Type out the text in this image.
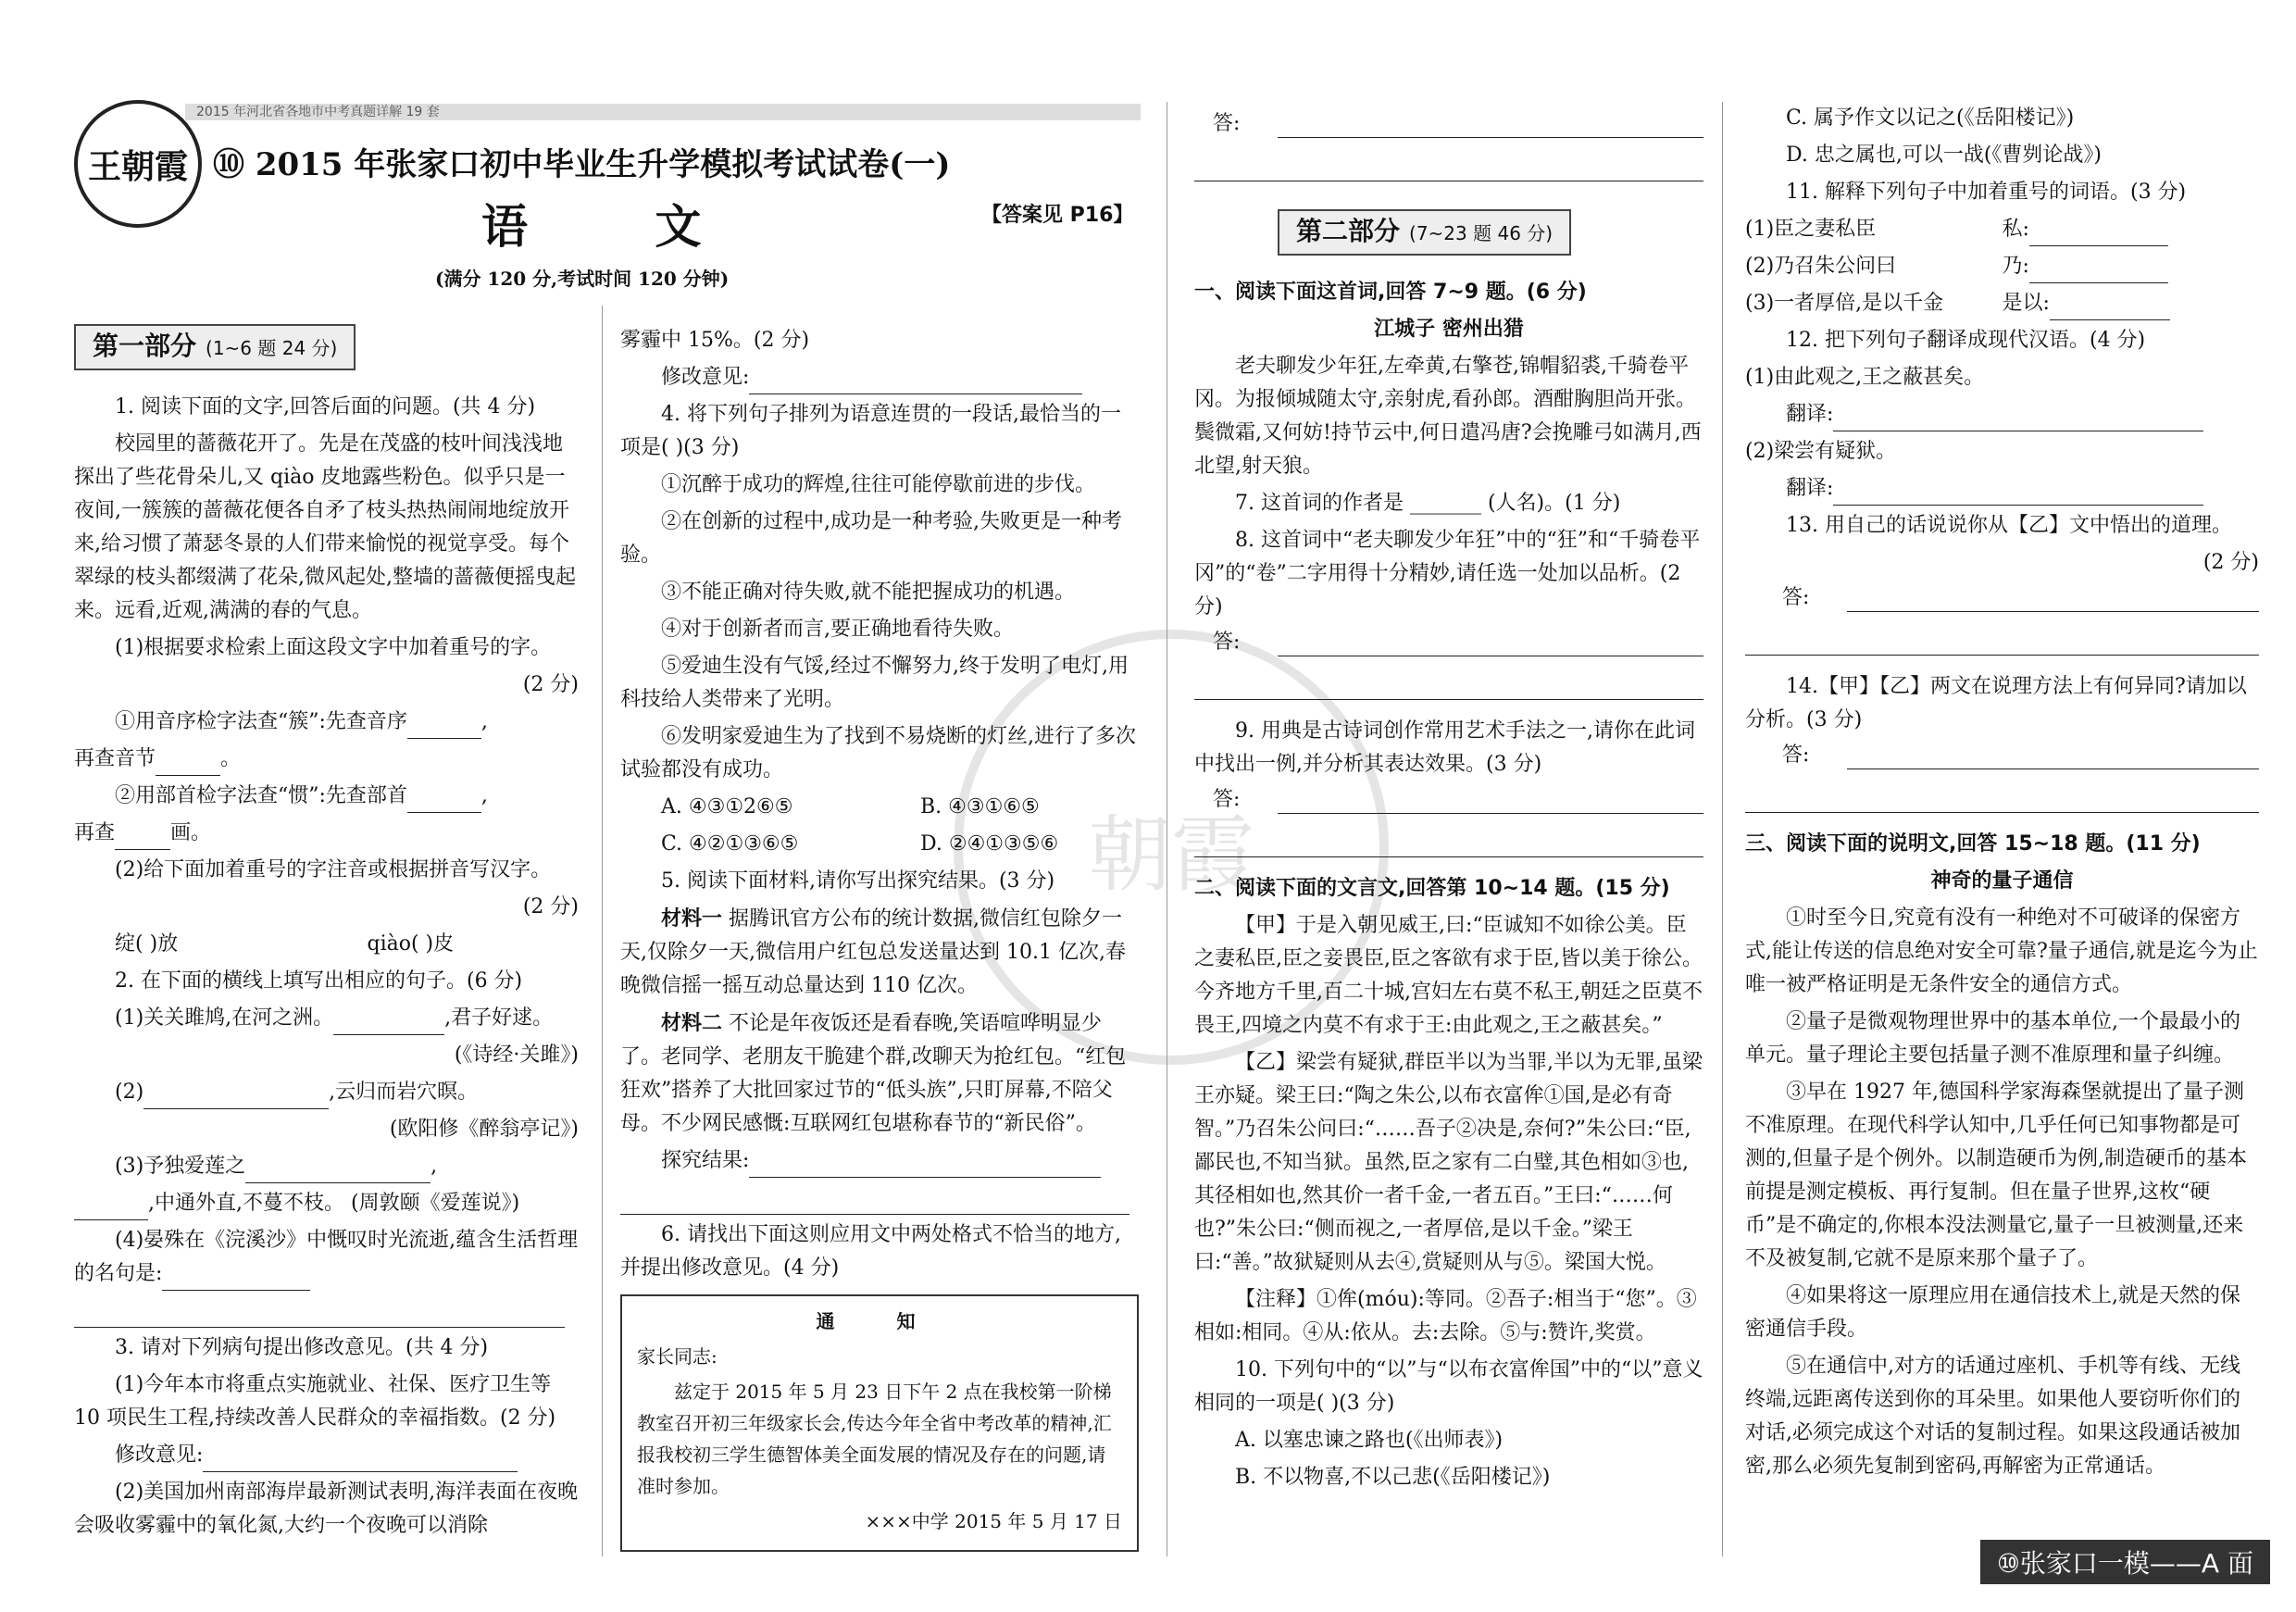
2015 年河北省各地市中考真题详解 19 套
王朝霞 ⑩ 2015 年张家口初中毕业生升学模拟考试试卷(一)
语 文	【答案见 P16】
(满分 120 分,考试时间 120 分钟)
朝霞
第一部分 (1~6 题 24 分)

1. 阅读下面的文字,回答后面的问题。(共 4 分)

校园里的蔷薇花开了。先是在茂盛的枝叶间浅浅地探出了些花骨朵儿,又 qiào 皮地露些粉色。似乎只是一夜间,一簇簇的蔷薇花便各自矛了枝头热热闹闹地绽放开来,给习惯了萧瑟冬景的人们带来愉悦的视觉享受。每个翠绿的枝头都缀满了花朵,微风起处,整墙的蔷薇便摇曳起来。远看,近观,满满的春的气息。

(1)根据要求检索上面这段文字中加着重号的字。

(2 分)

①用音序检字法查“簇”:先查音序	,

再查音节	。

②用部首检字法查“惯”:先查部首	,

再查	画。

(2)给下面加着重号的字注音或根据拼音写汉字。

(2 分)

绽( )放	qiào( )皮

2. 在下面的横线上填写出相应的句子。(6 分)

(1)关关雎鸠,在河之洲。	,君子好逑。

(《诗经·关雎》)

(2)	,云归而岩穴暝。

(欧阳修《醉翁亭记》)

(3)予独爱莲之	,

,中通外直,不蔓不枝。 (周敦颐《爱莲说》)

(4)晏殊在《浣溪沙》中慨叹时光流逝,蕴含生活哲理的名句是:

3. 请对下列病句提出修改意见。(共 4 分)

(1)今年本市将重点实施就业、社保、医疗卫生等 10 项民生工程,持续改善人民群众的幸福指数。(2 分)

修改意见:

(2)美国加州南部海岸最新测试表明,海洋表面在夜晚会吸收雾霾中的氧化氮,大约一个夜晚可以消除

雾霾中 15%。(2 分)

修改意见:

4. 将下列句子排列为语意连贯的一段话,最恰当的一项是( )(3 分)

①沉醉于成功的辉煌,往往可能停歇前进的步伐。

②在创新的过程中,成功是一种考验,失败更是一种考验。

③不能正确对待失败,就不能把握成功的机遇。

④对于创新者而言,要正确地看待失败。

⑤爱迪生没有气馁,经过不懈努力,终于发明了电灯,用科技给人类带来了光明。

⑥发明家爱迪生为了找到不易烧断的灯丝,进行了多次试验都没有成功。

A. ④③①2⑥⑤	B. ④③①⑥⑤

C. ④②①③⑥⑤	D. ②④①③⑤⑥

5. 阅读下面材料,请你写出探究结果。(3 分)

材料一 据腾讯官方公布的统计数据,微信红包除夕一天,仅除夕一天,微信用户红包总发送量达到 10.1 亿次,春晚微信摇一摇互动总量达到 110 亿次。

材料二 不论是年夜饭还是看春晚,笑语喧哗明显少了。老同学、老朋友干脆建个群,改聊天为抢红包。“红包狂欢”搭养了大批回家过节的“低头族”,只盯屏幕,不陪父母。不少网民感慨:互联网红包堪称春节的“新民俗”。

探究结果:

6. 请找出下面这则应用文中两处格式不恰当的地方,并提出修改意见。(4 分)

通 知

家长同志:

兹定于 2015 年 5 月 23 日下午 2 点在我校第一阶梯教室召开初三年级家长会,传达今年全省中考改革的精神,汇报我校初三学生德智体美全面发展的情况及存在的问题,请准时参加。

×××中学 2015 年 5 月 17 日

答:
第二部分 (7~23 题 46 分)

一、阅读下面这首词,回答 7~9 题。(6 分)

江城子 密州出猎

老夫聊发少年狂,左牵黄,右擎苍,锦帽貂裘,千骑卷平冈。为报倾城随太守,亲射虎,看孙郎。酒酣胸胆尚开张。鬓微霜,又何妨!持节云中,何日遣冯唐?会挽雕弓如满月,西北望,射天狼。

7. 这首词的作者是 _______ (人名)。(1 分)

8. 这首词中“老夫聊发少年狂”中的“狂”和“千骑卷平冈”的“卷”二字用得十分精妙,请任选一处加以品析。(2 分)

答:

9. 用典是古诗词创作常用艺术手法之一,请你在此词中找出一例,并分析其表达效果。(3 分)

答:

二、阅读下面的文言文,回答第 10~14 题。(15 分)

【甲】于是入朝见威王,曰:“臣诚知不如徐公美。臣之妻私臣,臣之妾畏臣,臣之客欲有求于臣,皆以美于徐公。今齐地方千里,百二十城,宫妇左右莫不私王,朝廷之臣莫不畏王,四境之内莫不有求于王:由此观之,王之蔽甚矣。”

【乙】梁尝有疑狱,群臣半以为当罪,半以为无罪,虽梁王亦疑。梁王曰:“陶之朱公,以布衣富侔①国,是必有奇智。”乃召朱公问曰:“……吾子②决是,奈何?”朱公曰:“臣,鄙民也,不知当狱。虽然,臣之家有二白璧,其色相如③也,其径相如也,然其价一者千金,一者五百。”王曰:“……何也?”朱公曰:“侧而视之,一者厚倍,是以千金。”梁王曰:“善。”故狱疑则从去④,赏疑则从与⑤。梁国大悦。

【注释】①侔(móu):等同。②吾子:相当于“您”。③相如:相同。④从:依从。去:去除。⑤与:赞许,奖赏。

10. 下列句中的“以”与“以布衣富侔国”中的“以”意义相同的一项是( )(3 分)

A. 以塞忠谏之路也(《出师表》)

B. 不以物喜,不以己悲(《岳阳楼记》)

C. 属予作文以记之(《岳阳楼记》)

D. 忠之属也,可以一战(《曹刿论战》)

11. 解释下列句子中加着重号的词语。(3 分)

(1)臣之妻私臣	私:

(2)乃召朱公问曰	乃:

(3)一者厚倍,是以千金	是以:

12. 把下列句子翻译成现代汉语。(4 分)

(1)由此观之,王之蔽甚矣。

翻译:

(2)梁尝有疑狱。

翻译:

13. 用自己的话说说你从【乙】文中悟出的道理。

(2 分)

答:

14.【甲】【乙】两文在说理方法上有何异同?请加以分析。(3 分)

答:

三、阅读下面的说明文,回答 15~18 题。(11 分)

神奇的量子通信

①时至今日,究竟有没有一种绝对不可破译的保密方式,能让传送的信息绝对安全可靠?量子通信,就是迄今为止唯一被严格证明是无条件安全的通信方式。

②量子是微观物理世界中的基本单位,一个最最小的单元。量子理论主要包括量子测不准原理和量子纠缠。

③早在 1927 年,德国科学家海森堡就提出了量子测不准原理。在现代科学认知中,几乎任何已知事物都是可测的,但量子是个例外。以制造硬币为例,制造硬币的基本前提是测定模板、再行复制。但在量子世界,这枚“硬币”是不确定的,你根本没法测量它,量子一旦被测量,还来不及被复制,它就不是原来那个量子了。

④如果将这一原理应用在通信技术上,就是天然的保密通信手段。

⑤在通信中,对方的话通过座机、手机等有线、无线终端,远距离传送到你的耳朵里。如果他人要窃听你们的对话,必须完成这个对话的复制过程。如果这段通话被加密,那么必须先复制到密码,再解密为正常通话。

⑩张家口一模——A 面
